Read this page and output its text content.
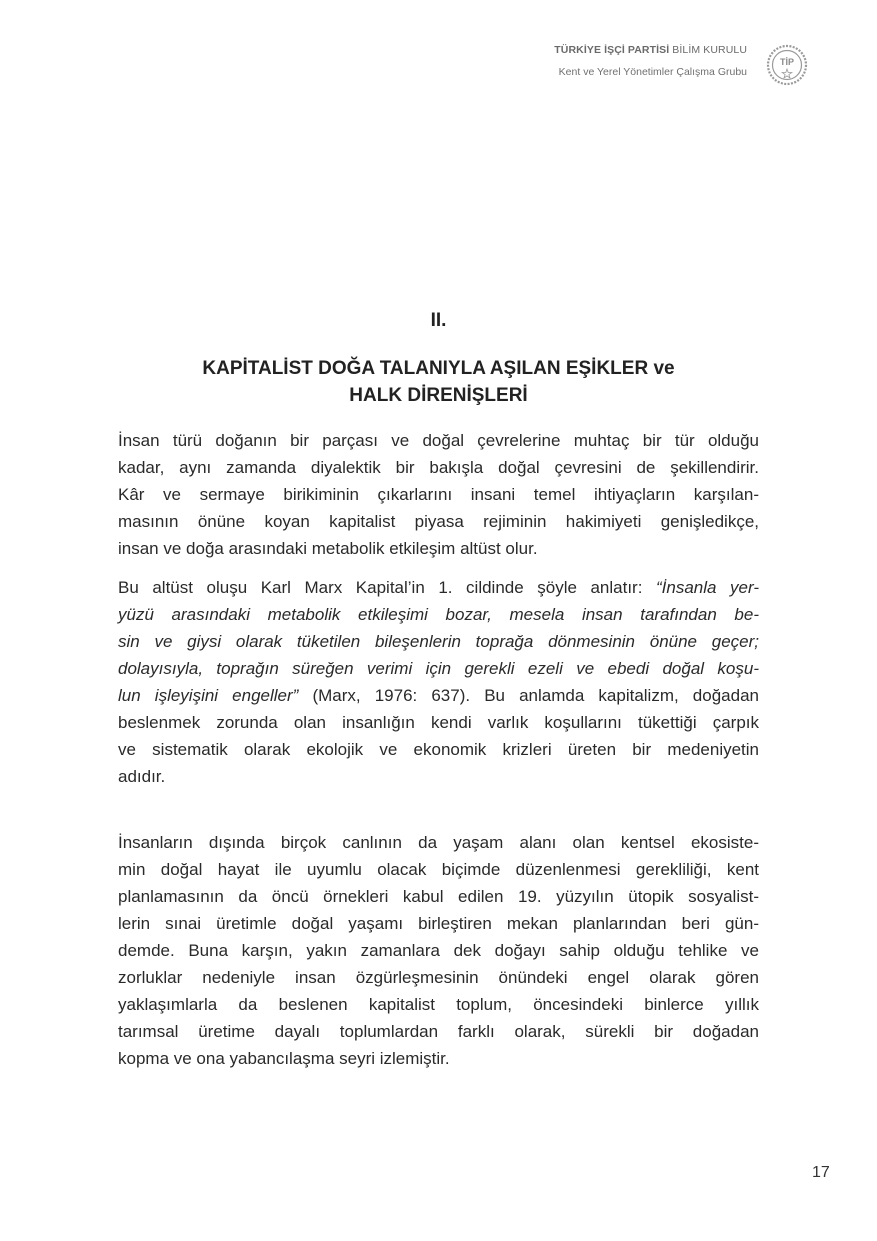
TÜRKİYE İŞÇİ PARTİSİ BİLİM KURULU
Kent ve Yerel Yönetimler Çalışma Grubu
TİP
II.
KAPİTALİST DOĞA TALANIYLA AŞILAN EŞİKLER ve
HALK DİRENİŞLERİ
İnsan türü doğanın bir parçası ve doğal çevrelerine muhtaç bir tür olduğu
kadar, aynı zamanda diyalektik bir bakışla doğal çevresini de şekillendirir.
Kâr ve sermaye birikiminin çıkarlarını insani temel ihtiyaçların karşılan-
masının önüne koyan kapitalist piyasa rejiminin hakimiyeti genişledikçe,
insan ve doğa arasındaki metabolik etkileşim altüst olur.
Bu altüst oluşu Karl Marx Kapital’in 1. cildinde şöyle anlatır: “İnsanla yer-
yüzü arasındaki metabolik etkileşimi bozar, mesela insan tarafından be-
sin ve giysi olarak tüketilen bileşenlerin toprağa dönmesinin önüne geçer;
dolayısıyla, toprağın süreğen verimi için gerekli ezeli ve ebedi doğal koşu-
lun işleyişini engeller” (Marx, 1976: 637). Bu anlamda kapitalizm, doğadan
beslenmek zorunda olan insanlığın kendi varlık koşullarını tükettiği çarpık
ve sistematik olarak ekolojik ve ekonomik krizleri üreten bir medeniyetin
adıdır.
İnsanların dışında birçok canlının da yaşam alanı olan kentsel ekosiste-
min doğal hayat ile uyumlu olacak biçimde düzenlenmesi gerekliliği, kent
planlamasının da öncü örnekleri kabul edilen 19. yüzyılın ütopik sosyalist-
lerin sınai üretimle doğal yaşamı birleştiren mekan planlarından beri gün-
demde. Buna karşın, yakın zamanlara dek doğayı sahip olduğu tehlike ve
zorluklar nedeniyle insan özgürleşmesinin önündeki engel olarak gören
yaklaşımlarla da beslenen kapitalist toplum, öncesindeki binlerce yıllık
tarımsal üretime dayalı toplumlardan farklı olarak, sürekli bir doğadan
kopma ve ona yabancılaşma seyri izlemiştir.
17
